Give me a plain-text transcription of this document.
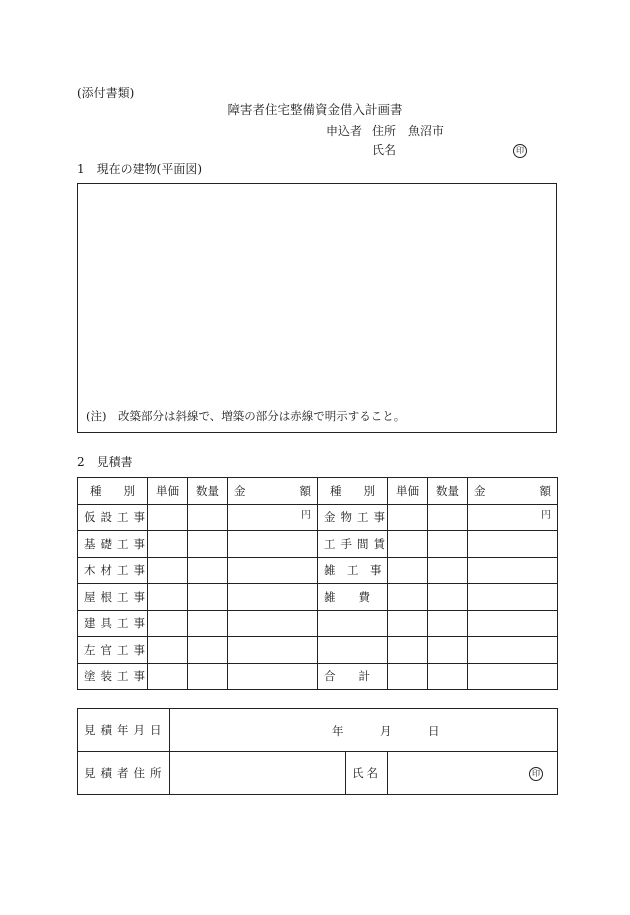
(添付書類)
障害者住宅整備資金借入計画書
申込者 住所 魚沼市
氏名	印
1　現在の建物(平面図)
(注)　改築部分は斜線で、増築の部分は赤線で明示すること。
2　見積書
種 別	単価	数量	金 額	種 別	単価	数量	金 額

仮設工事			円	金物工事			円
基礎工事				工手間賃			
木材工事				雑　工　事			
屋根工事				雑　　費			
建具工事							
左官工事							
塗装工事				合　　計			
見積年月日	年 月 日		

見積者住所		氏名	印
